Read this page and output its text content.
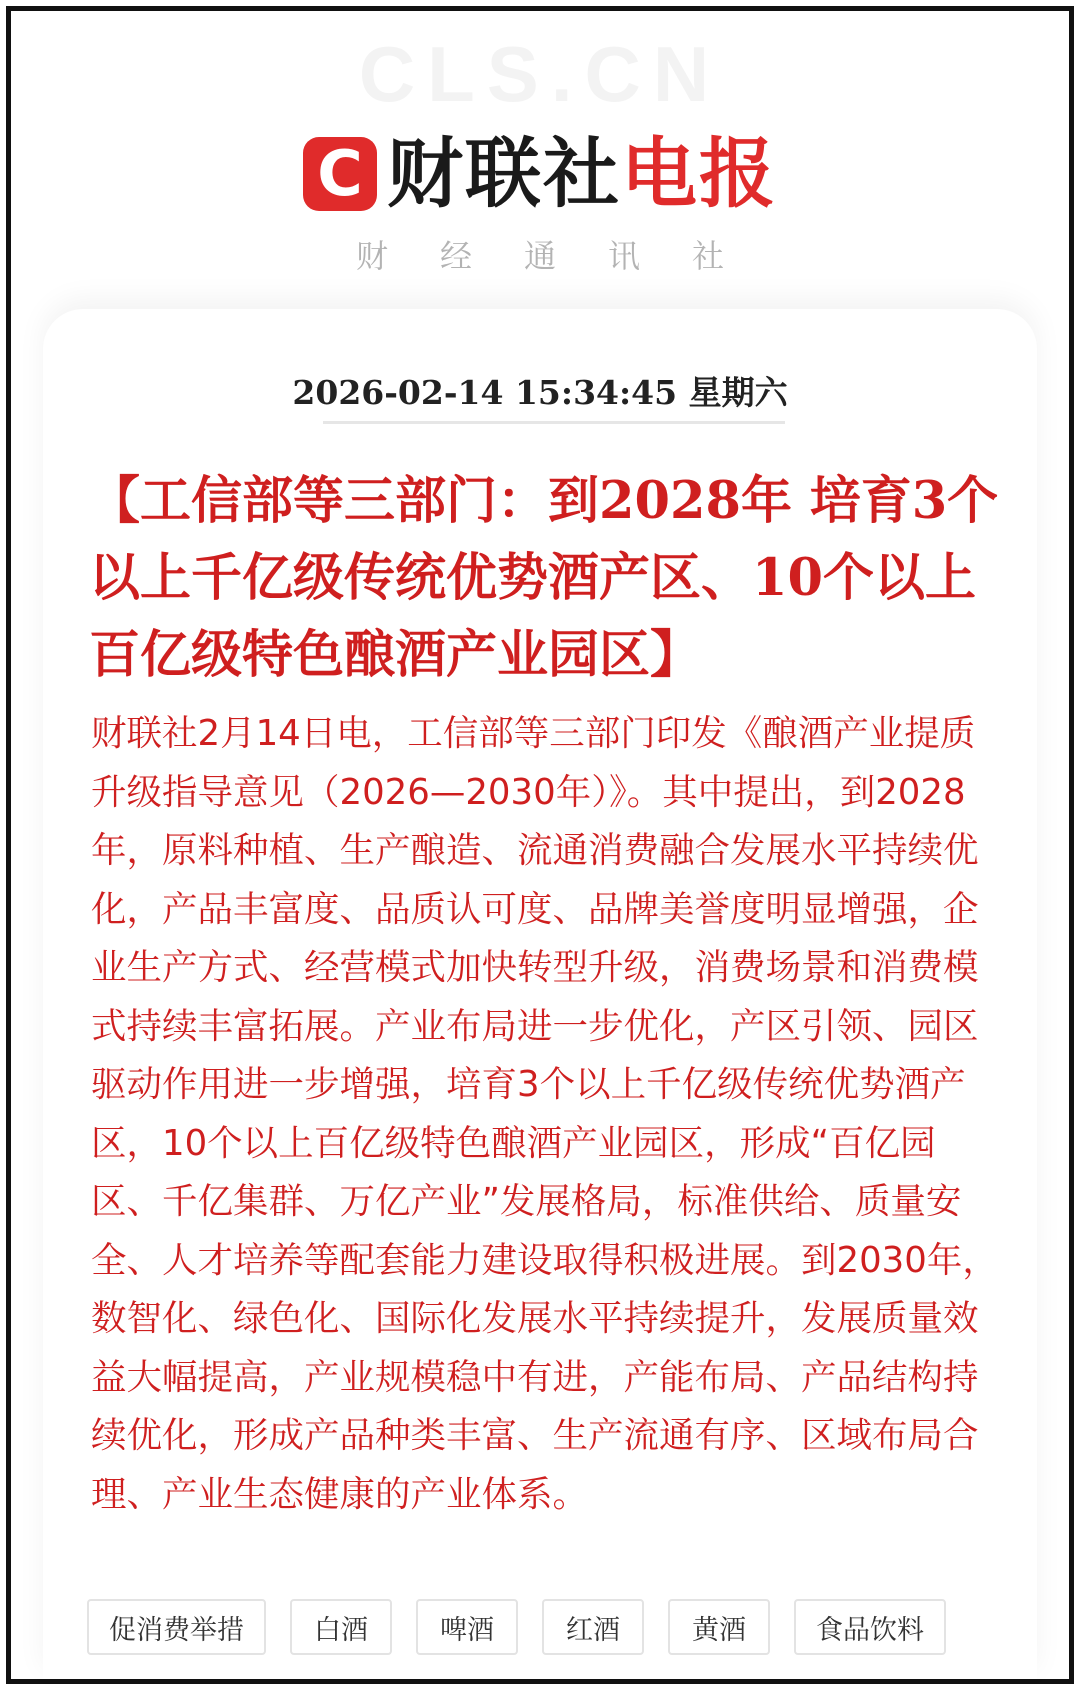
CLS.CN
C 财联社电报
财经通讯社
2026-02-14 15:34:45 星期六
【工信部等三部门：到2028年 培育3个以上千亿级传统优势酒产区、10个以上百亿级特色酿酒产业园区】

财联社2月14日电，工信部等三部门印发《酿酒产业提质升级指导意见（2026—2030年）》。其中提出，到2028年，原料种植、生产酿造、流通消费融合发展水平持续优化，产品丰富度、品质认可度、品牌美誉度明显增强，企业生产方式、经营模式加快转型升级，消费场景和消费模式持续丰富拓展。产业布局进一步优化，产区引领、园区驱动作用进一步增强，培育3个以上千亿级传统优势酒产区，10个以上百亿级特色酿酒产业园区，形成“百亿园区、千亿集群、万亿产业”发展格局，标准供给、质量安全、人才培养等配套能力建设取得积极进展。到2030年，数智化、绿色化、国际化发展水平持续提升，发展质量效益大幅提高，产业规模稳中有进，产能布局、产品结构持续优化，形成产品种类丰富、生产流通有序、区域布局合理、产业生态健康的产业体系。

促消费举措	白酒	啤酒	红酒	黄酒	食品饮料
